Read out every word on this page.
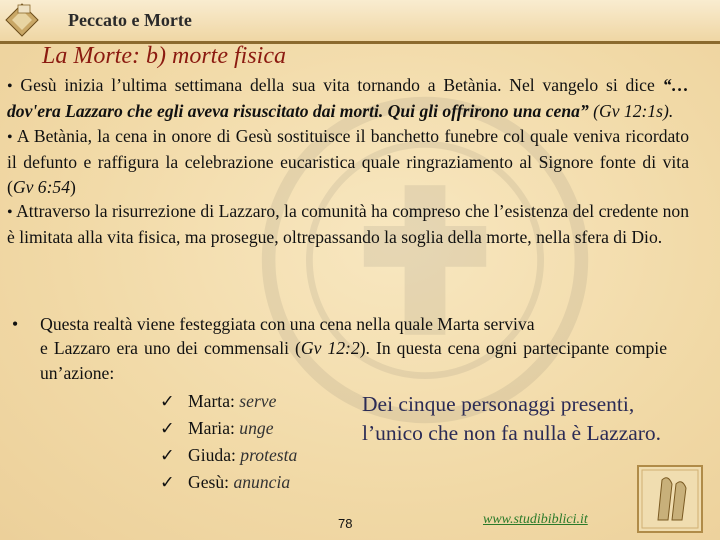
Peccato e Morte
La Morte: b) morte fisica

• Gesù inizia l’ultima settimana della sua vita tornando a Betània. Nel vangelo si dice “…dov'era Lazzaro che egli aveva risuscitato dai morti. Qui gli offrirono una cena” (Gv 12:1s).

• A Betània, la cena in onore di Gesù sostituisce il banchetto funebre col quale veniva ricordato il defunto e raffigura la celebrazione eucaristica quale ringraziamento al Signore fonte di vita (Gv 6:54)

• Attraverso la risurrezione di Lazzaro, la comunità ha compreso che l’esistenza del credente non è limitata alla vita fisica, ma prosegue, oltrepassando la soglia della morte, nella sfera di Dio.

• Questa realtà viene festeggiata con una cena nella quale Marta serviva

e Lazzaro era uno dei commensali (Gv 12:2). In questa cena ogni partecipante compie un’azione:

✓ Marta: serve
✓ Maria: unge
✓ Giuda: protesta
✓ Gesù: anuncia
Dei cinque personaggi presenti, l’unico che non fa nulla è Lazzaro.
78	www.studibiblici.it
